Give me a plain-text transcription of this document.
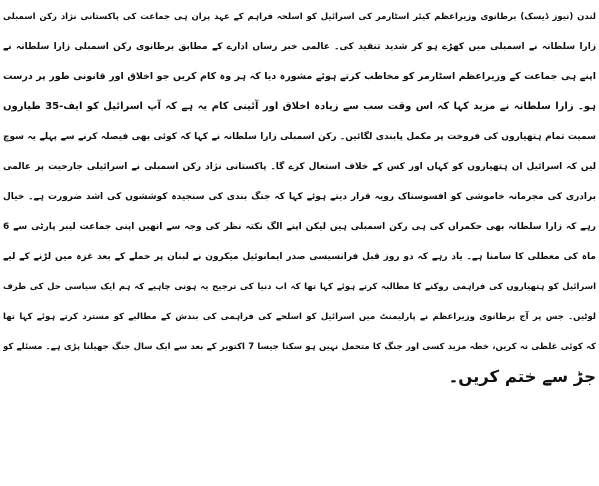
لندن (نیوز ڈیسک) برطانوی وزیراعظم کیئر اسٹارمر کی اسرائیل کو اسلحہ فراہم کے عہد پران ہی جماعت کی پاکستانی نژاد رکن اسمبلی
زارا سلطانہ نے اسمبلی میں کھڑے ہو کر شدید تنقید کی۔ عالمی خبر رساں ادارے کے مطابق برطانوی رکن اسمبلی زارا سلطانہ نے
اپنے ہی جماعت کے وزیراعظم اسٹارمر کو مخاطب کرتے ہوئے مشورہ دیا کہ ہر وہ کام کریں جو اخلاق اور قانونی طور پر درست
ہو۔ زارا سلطانہ نے مزید کہا کہ اس وقت سب سے زیادہ اخلاق اور آئینی کام یہ ہے کہ آپ اسرائیل کو ایف-35 طیاروں
سمیت تمام ہتھیاروں کی فروخت پر مکمل پابندی لگائیں۔ رکن اسمبلی زارا سلطانہ نے کہا کہ کوئی بھی فیصلہ کرنے سے پہلے یہ سوچ
لیں کہ اسرائیل ان ہتھیاروں کو کہاں اور کس کے خلاف استعال کرے گا۔ پاکستانی نژاد رکن اسمبلی نے اسرائیلی جارحیت پر عالمی
برادری کی مجرمانہ خاموشی کو افسوسناک رویہ قرار دیتے ہوئے کہا کہ جنگ بندی کی سنجیدہ کوششوں کی اشد ضرورت ہے۔ خیال
رہے کہ زارا سلطانہ بھی حکمراں کی ہی رکن اسمبلی ہیں لیکن اپنے الگ نکتہ نظر کی وجہ سے انھیں اپنی جماعت لیبر پارٹی سے 6
ماہ کی معطلی کا سامنا ہے۔ یاد رہے کہ دو روز قبل فرانسیسی صدر ایمانوئیل میکرون نے لبنان پر حملے کے بعد غزہ میں لڑنے کے لیے
اسرائیل کو ہتھیاروں کی فراہمی روکنے کا مطالبہ کرتے ہوئے کہا تھا کہ اب دنیا کی ترجیح یہ ہونی چاہیے کہ ہم ایک سیاسی حل کی طرف
لوٹیں۔ جس پر آج برطانوی وزیراعظم نے پارلیمنٹ میں اسرائیل کو اسلحے کی فراہمی کی بندش کے مطالبے کو مسترد کرتے ہوئے کہا تھا
کہ کوئی غلطی نہ کریں، خطہ مزید کسی اور جنگ کا متحمل نہیں ہو سکتا جیسا 7 اکتوبر کے بعد سے ایک سال جنگ جھیلنا پڑی ہے۔ مسئلے کو
جڑ سے ختم کریں۔
